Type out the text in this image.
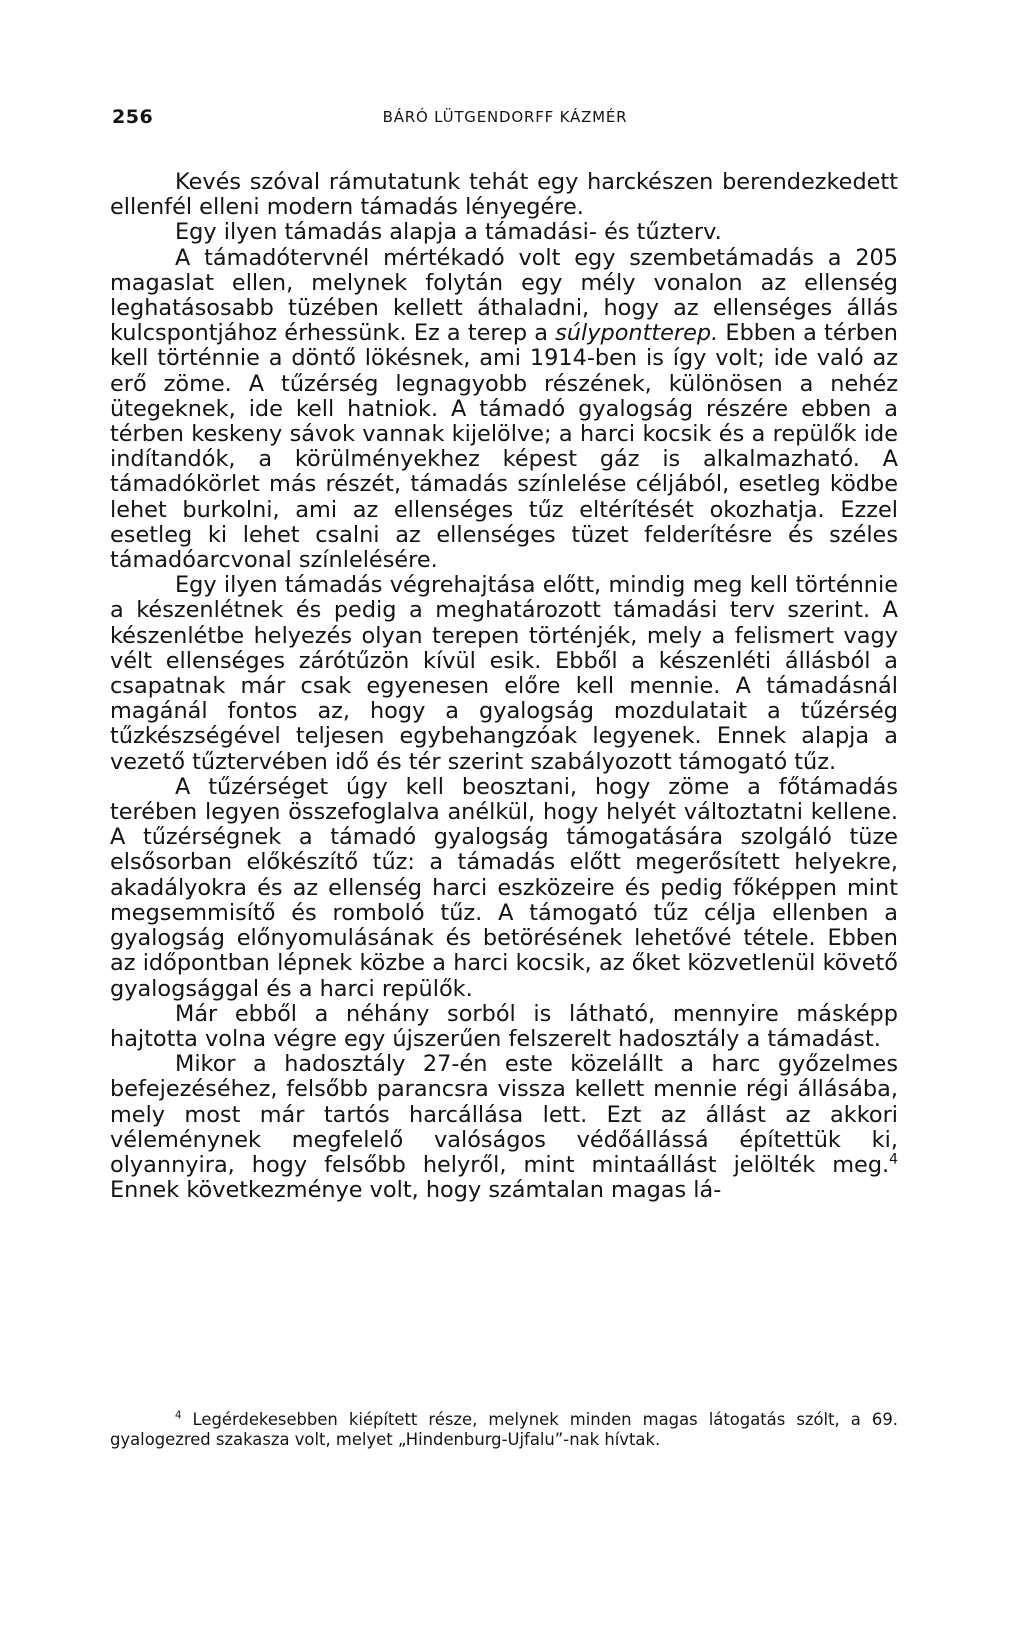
256	BÁRÓ LÜTGENDORFF KÁZMÉR

Kevés szóval rámutatunk tehát egy harckészen berendezkedett ellenfél elleni modern támadás lényegére.

Egy ilyen támadás alapja a támadási- és tűzterv.

A támadótervnél mértékadó volt egy szembetámadás a 205 magaslat ellen, melynek folytán egy mély vonalon az ellenség leghatásosabb tüzében kellett áthaladni, hogy az ellenséges állás kulcspontjához érhessünk. Ez a terep a súlypontterep. Ebben a térben kell történnie a döntő lökésnek, ami 1914-ben is így volt; ide való az erő zöme. A tűzérség legnagyobb részének, különösen a nehéz ütegeknek, ide kell hatniok. A támadó gyalogság részére ebben a térben keskeny sávok vannak kijelölve; a harci kocsik és a repülők ide indítandók, a körülményekhez képest gáz is alkalmazható. A támadókörlet más részét, támadás színlelése céljából, esetleg ködbe lehet burkolni, ami az ellenséges tűz eltérítését okozhatja. Ezzel esetleg ki lehet csalni az ellenséges tüzet felderítésre és széles támadóarcvonal színlelésére.

Egy ilyen támadás végrehajtása előtt, mindig meg kell történnie a készenlétnek és pedig a meghatározott támadási terv szerint. A készenlétbe helyezés olyan terepen történjék, mely a felismert vagy vélt ellenséges zárótűzön kívül esik. Ebből a készenléti állásból a csapatnak már csak egyenesen előre kell mennie. A támadásnál magánál fontos az, hogy a gyalogság mozdulatait a tűzérség tűzkészségével teljesen egybehangzóak legyenek. Ennek alapja a vezető tűztervében idő és tér szerint szabályozott támogató tűz.

A tűzérséget úgy kell beosztani, hogy zöme a főtámadás terében legyen összefoglalva anélkül, hogy helyét változtatni kellene. A tűzérségnek a támadó gyalogság támogatására szolgáló tüze elsősorban előkészítő tűz: a támadás előtt megerősített helyekre, akadályokra és az ellenség harci eszközeire és pedig főképpen mint megsemmisítő és romboló tűz. A támogató tűz célja ellenben a gyalogság előnyomulásának és betörésének lehetővé tétele. Ebben az időpontban lépnek közbe a harci kocsik, az őket közvetlenül követő gyalogsággal és a harci repülők.

Már ebből a néhány sorból is látható, mennyire másképp hajtotta volna végre egy újszerűen felszerelt hadosztály a támadást.

Mikor a hadosztály 27-én este közelállt a harc győzelmes befejezéséhez, felsőbb parancsra vissza kellett mennie régi állásába, mely most már tartós harcállása lett. Ezt az állást az akkori véleménynek megfelelő valóságos védőállássá építettük ki, olyannyira, hogy felsőbb helyről, mint mintaállást jelölték meg.$^4$ Ennek következménye volt, hogy számtalan magas lá-

$^4$ Legérdekesebben kiépített része, melynek minden magas látogatás szólt, a 69. gyalogezred szakasza volt, melyet „Hindenburg-Ujfalu”-nak hívtak.
